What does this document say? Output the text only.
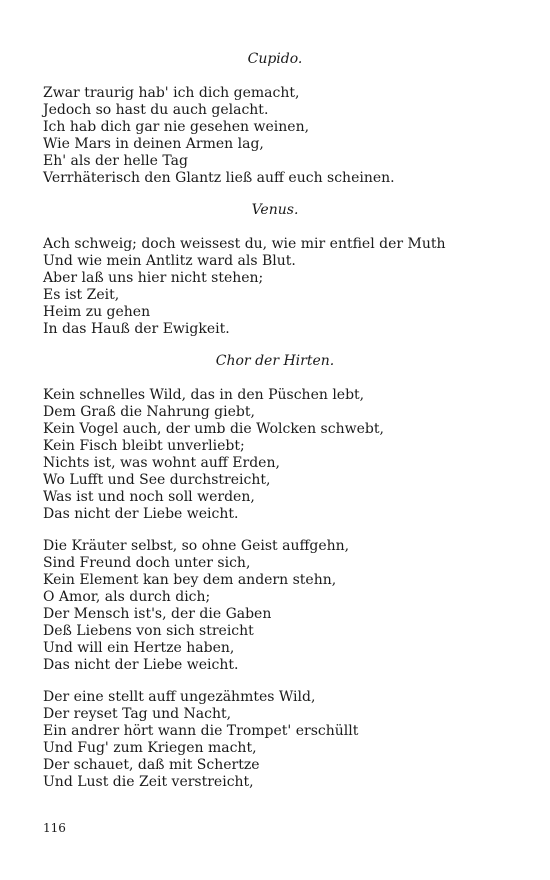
Cupido.

Zwar traurig hab' ich dich gemacht,
Jedoch so hast du auch gelacht.
Ich hab dich gar nie gesehen weinen,
Wie Mars in deinen Armen lag,
Eh' als der helle Tag
Verrhäterisch den Glantz ließ auff euch scheinen.

Venus.

Ach schweig; doch weissest du, wie mir entfiel der Muth
Und wie mein Antlitz ward als Blut.
Aber laß uns hier nicht stehen;
Es ist Zeit,
Heim zu gehen
In das Hauß der Ewigkeit.

Chor der Hirten.

Kein schnelles Wild, das in den Püschen lebt,
Dem Graß die Nahrung giebt,
Kein Vogel auch, der umb die Wolcken schwebt,
Kein Fisch bleibt unverliebt;
Nichts ist, was wohnt auff Erden,
Wo Lufft und See durchstreicht,
Was ist und noch soll werden,
Das nicht der Liebe weicht.
Die Kräuter selbst, so ohne Geist auffgehn,
Sind Freund doch unter sich,
Kein Element kan bey dem andern stehn,
O Amor, als durch dich;
Der Mensch ist's, der die Gaben
Deß Liebens von sich streicht
Und will ein Hertze haben,
Das nicht der Liebe weicht.
Der eine stellt auff ungezähmtes Wild,
Der reyset Tag und Nacht,
Ein andrer hört wann die Trompet' erschüllt
Und Fug' zum Kriegen macht,
Der schauet, daß mit Schertze
Und Lust die Zeit verstreicht,

116
